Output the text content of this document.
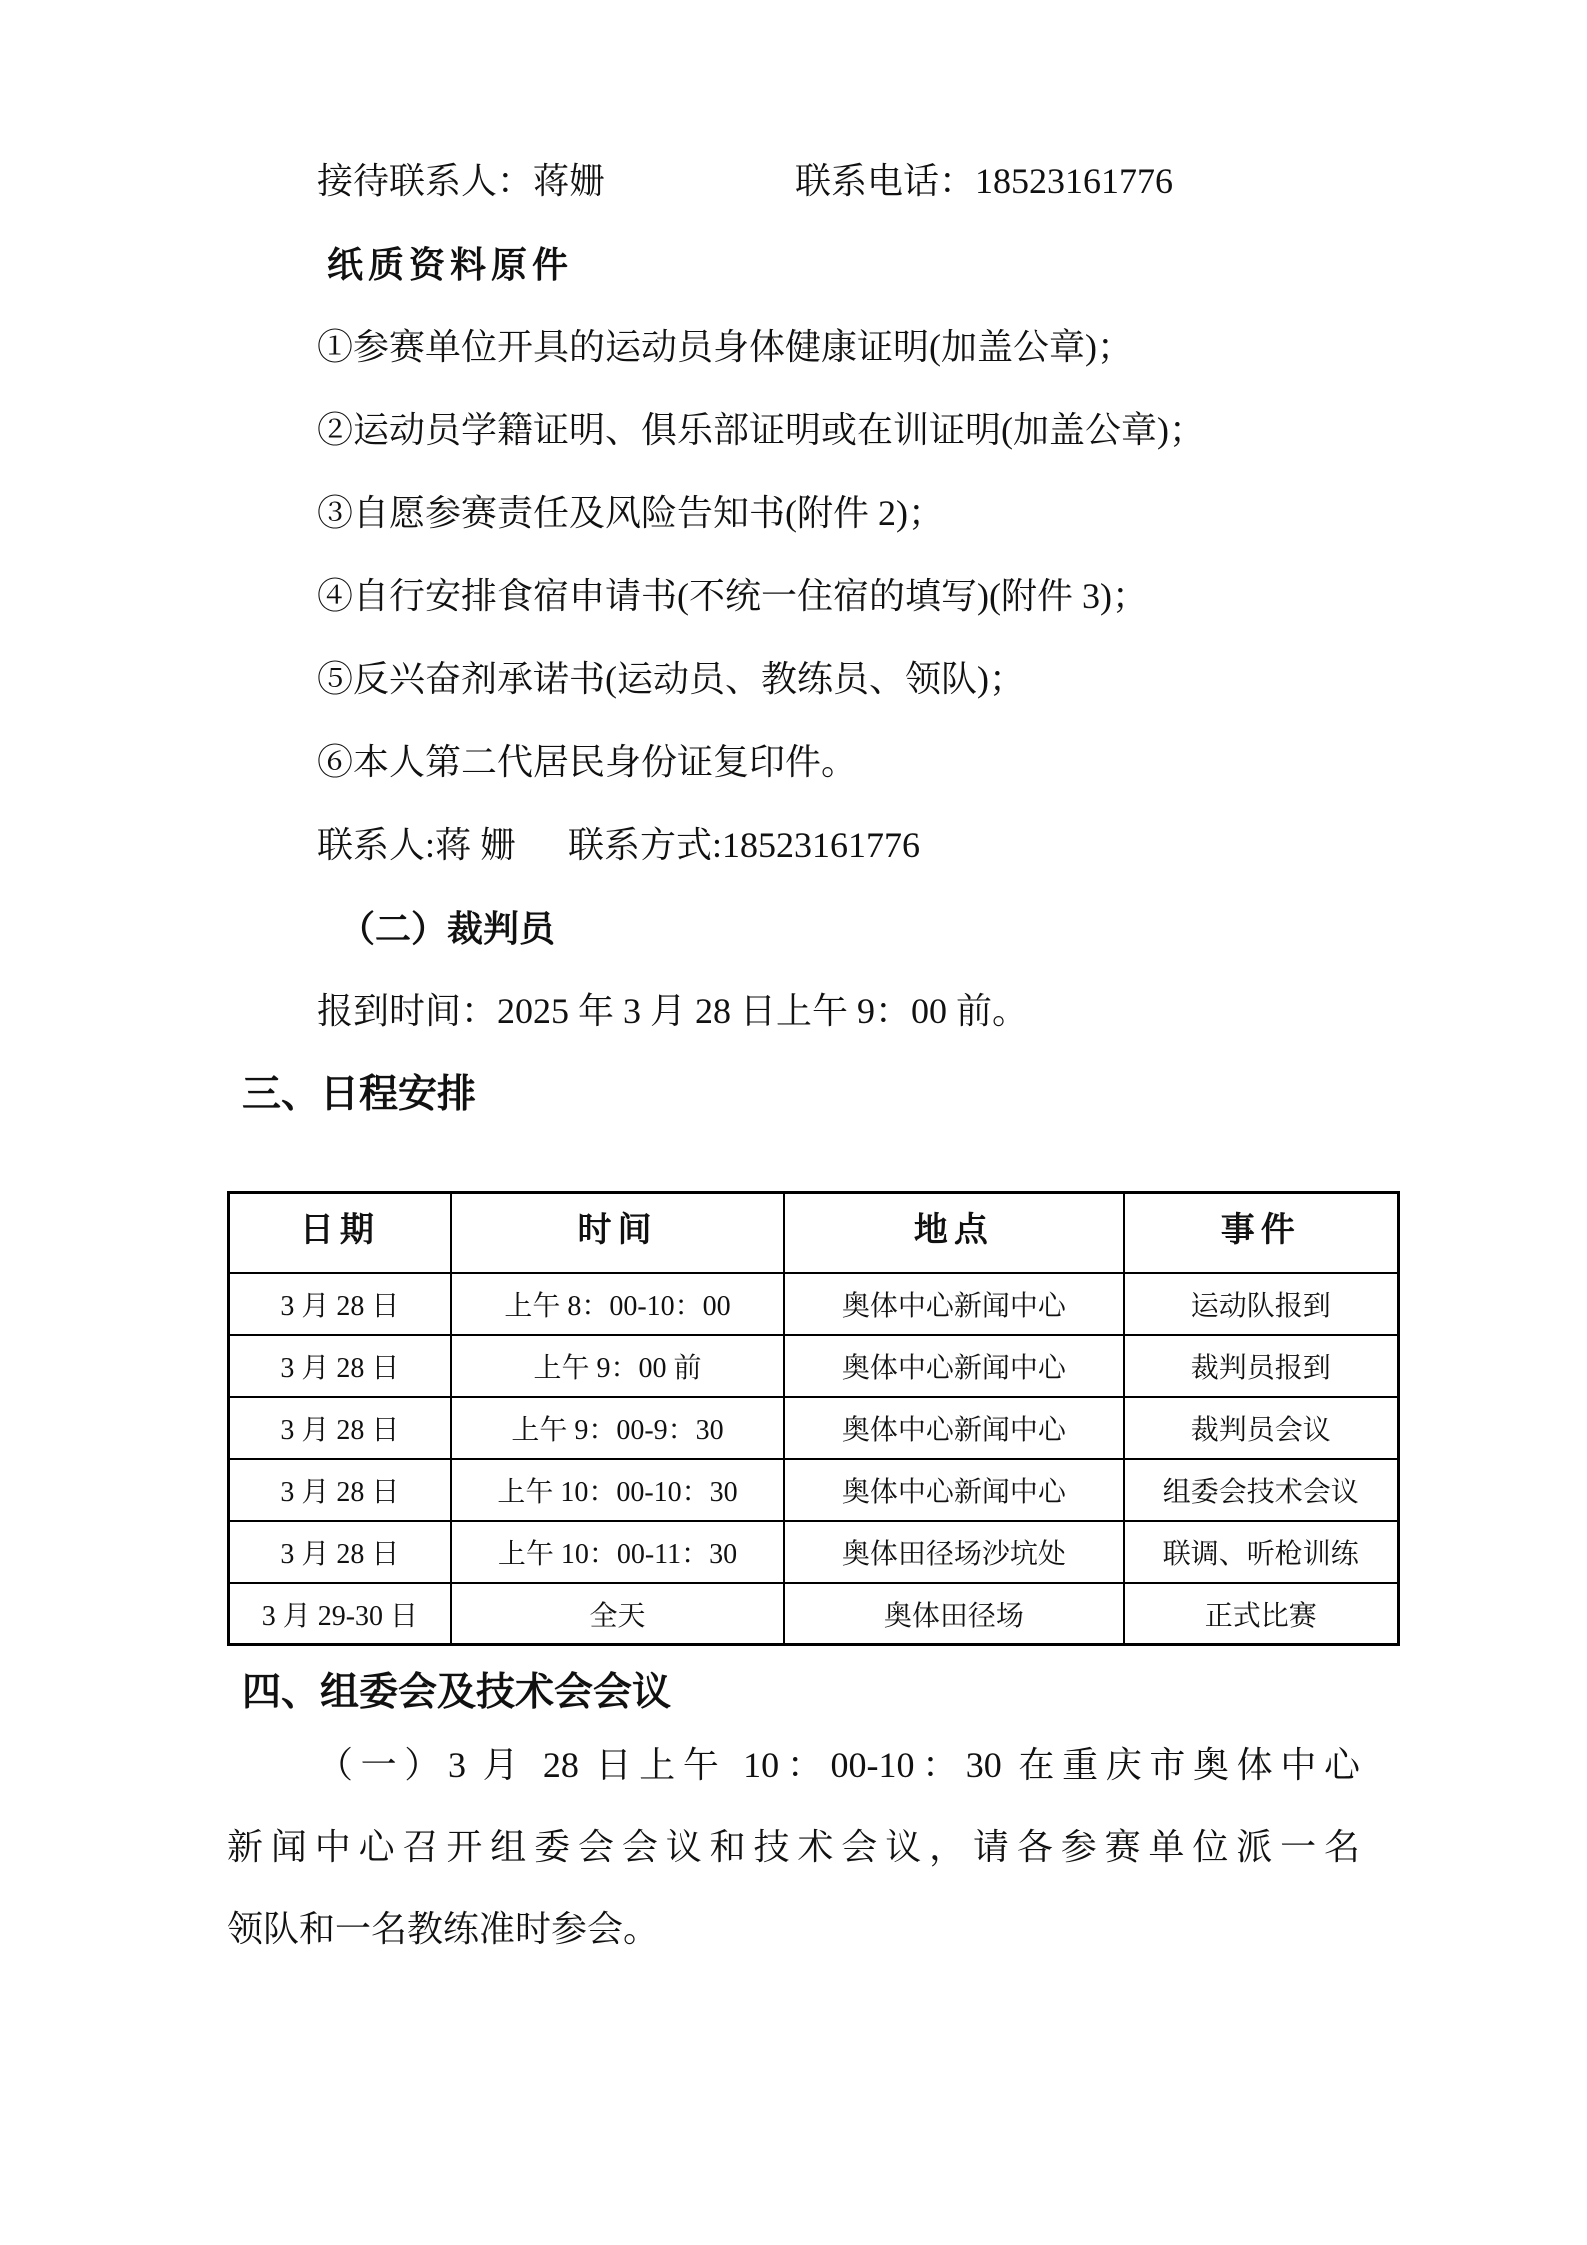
接待联系人：蒋姗	联系电话：18523161776
纸质资料原件
①参赛单位开具的运动员身体健康证明(加盖公章)；
②运动员学籍证明、俱乐部证明或在训证明(加盖公章)；
③自愿参赛责任及风险告知书(附件 2)；
④自行安排食宿申请书(不统一住宿的填写)(附件 3)；
⑤反兴奋剂承诺书(运动员、教练员、领队)；
⑥本人第二代居民身份证复印件。
联系人:蒋 姗 联系方式:18523161776
（二）裁判员
报到时间：2025 年 3 月 28 日上午 9：00 前。
三、日程安排
日期	时间	地点	事件
3 月 28 日	上午 8：00-10：00	奥体中心新闻中心	运动队报到
3 月 28 日	上午 9：00 前	奥体中心新闻中心	裁判员报到
3 月 28 日	上午 9：00-9：30	奥体中心新闻中心	裁判员会议
3 月 28 日	上午 10：00-10：30	奥体中心新闻中心	组委会技术会议
3 月 28 日	上午 10：00-11：30	奥体田径场沙坑处	联调、听枪训练
3 月 29-30 日	全天	奥体田径场	正式比赛
四、组委会及技术会会议
（一）3 月 28 日上午 10：00-10：30 在重庆市奥体中心
新闻中心召开组委会会议和技术会议，请各参赛单位派一名
领队和一名教练准时参会。
